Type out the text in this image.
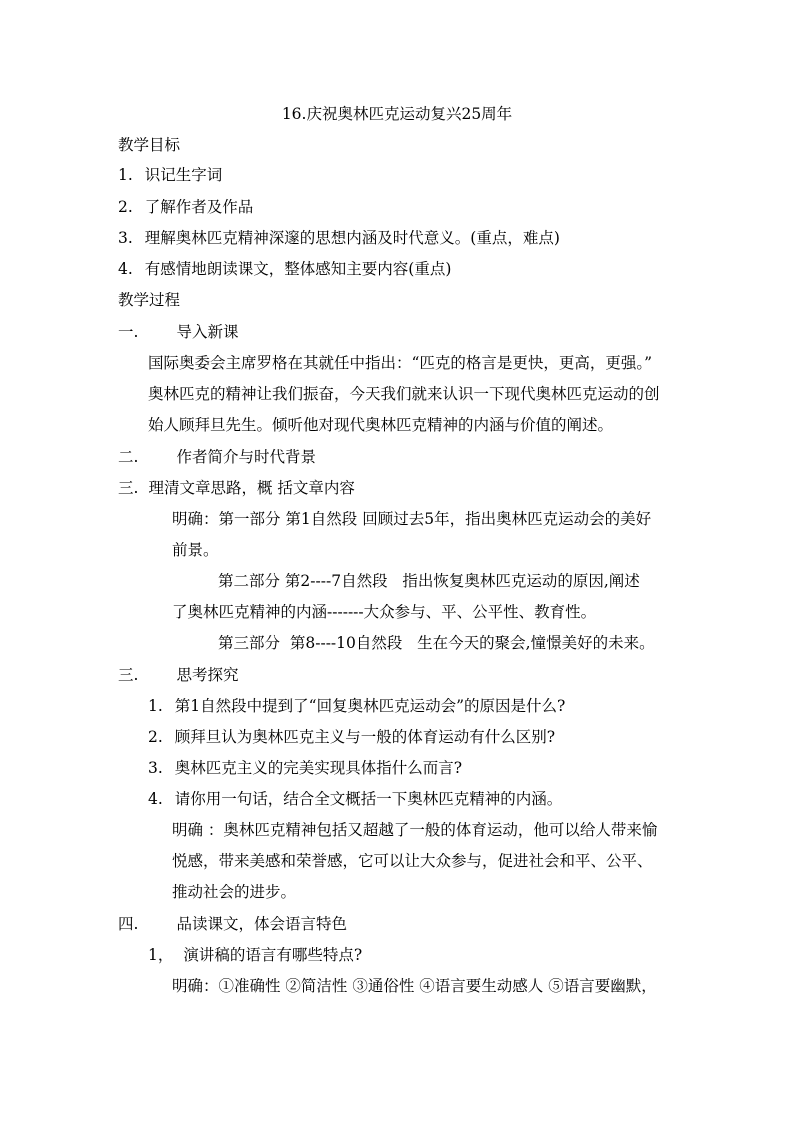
16.庆祝奥林匹克运动复兴25周年
教学目标
1. 识记生字词
2. 了解作者及作品
3. 理解奥林匹克精神深邃的思想内涵及时代意义。(重点，难点)
4. 有感情地朗读课文，整体感知主要内容(重点)
教学过程
一. 导入新课
国际奥委会主席罗格在其就任中指出：“匹克的格言是更快，更高，更强。”
奥林匹克的精神让我们振奋，今天我们就来认识一下现代奥林匹克运动的创
始人顾拜旦先生。倾听他对现代奥林匹克精神的内涵与价值的阐述。
二. 作者简介与时代背景
三. 理清文章思路，概 括文章内容
明确：第一部分 第1自然段 回顾过去5年，指出奥林匹克运动会的美好
前景。
第二部分 第2----7自然段   指出恢复奥林匹克运动的原因,阐述
了奥林匹克精神的内涵-------大众参与、平、公平性、教育性。
第三部分  第8----10自然段   生在今天的聚会,憧憬美好的未来。
三. 思考探究
1. 第1自然段中提到了“回复奥林匹克运动会”的原因是什么?
2. 顾拜旦认为奥林匹克主义与一般的体育运动有什么区别?
3. 奥林匹克主义的完美实现具体指什么而言?
4. 请你用一句话，结合全文概括一下奥林匹克精神的内涵。
明确 ：奥林匹克精神包括又超越了一般的体育运动，他可以给人带来愉
悦感，带来美感和荣誉感，它可以让大众参与，促进社会和平、公平、
推动社会的进步。
四. 品读课文，体会语言特色
1， 演讲稿的语言有哪些特点?
明确：①准确性 ②简洁性 ③通俗性 ④语言要生动感人 ⑤语言要幽默，
